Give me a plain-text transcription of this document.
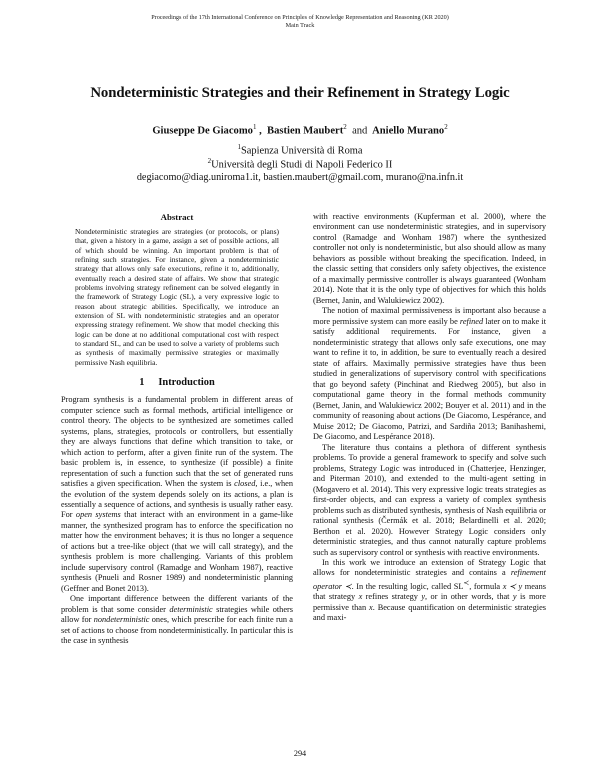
Proceedings of the 17th International Conference on Principles of Knowledge Representation and Reasoning (KR 2020)
Main Track
Nondeterministic Strategies and their Refinement in Strategy Logic
Giuseppe De Giacomo$^1$ ,  Bastien Maubert$^2$ and Aniello Murano$^2$
$^1$Sapienza Università di Roma
$^2$Università degli Studi di Napoli Federico II
degiacomo@diag.uniroma1.it, bastien.maubert@gmail.com, murano@na.infn.it
Abstract

Nondeterministic strategies are strategies (or protocols, or plans) that, given a history in a game, assign a set of possible actions, all of which should be winning. An important problem is that of refining such strategies. For instance, given a nondeterministic strategy that allows only safe executions, refine it to, additionally, eventually reach a desired state of affairs. We show that strategic problems involving strategy refinement can be solved elegantly in the framework of Strategy Logic (SL), a very expressive logic to reason about strategic abilities. Specifically, we introduce an extension of SL with nondeterministic strategies and an operator expressing strategy refinement. We show that model checking this logic can be done at no additional computational cost with respect to standard SL, and can be used to solve a variety of problems such as synthesis of maximally permissive strategies or maximally permissive Nash equilibria.

1 Introduction

Program synthesis is a fundamental problem in different areas of computer science such as formal methods, artificial intelligence or control theory. The objects to be synthesized are sometimes called systems, plans, strategies, protocols or controllers, but essentially they are always functions that define which transition to take, or which action to perform, after a given finite run of the system. The basic problem is, in essence, to synthesize (if possible) a finite representation of such a function such that the set of generated runs satisfies a given specification. When the system is closed, i.e., when the evolution of the system depends solely on its actions, a plan is essentially a sequence of actions, and synthesis is usually rather easy. For open systems that interact with an environment in a game-like manner, the synthesized program has to enforce the specification no matter how the environment behaves; it is thus no longer a sequence of actions but a tree-like object (that we will call strategy), and the synthesis problem is more challenging. Variants of this problem include supervisory control (Ramadge and Wonham 1987), reactive synthesis (Pnueli and Rosner 1989) and nondeterministic planning (Geffner and Bonet 2013).

One important difference between the different variants of the problem is that some consider deterministic strategies while others allow for nondeterministic ones, which prescribe for each finite run a set of actions to choose from nondeterministically. In particular this is the case in synthesis

with reactive environments (Kupferman et al. 2000), where the environment can use nondeterministic strategies, and in supervisory control (Ramadge and Wonham 1987) where the synthesized controller not only is nondeterministic, but also should allow as many behaviors as possible without breaking the specification. Indeed, in the classic setting that considers only safety objectives, the existence of a maximally permissive controller is always guaranteed (Wonham 2014). Note that it is the only type of objectives for which this holds (Bernet, Janin, and Walukiewicz 2002).

The notion of maximal permissiveness is important also because a more permissive system can more easily be refined later on to make it satisfy additional requirements. For instance, given a nondeterministic strategy that allows only safe executions, one may want to refine it to, in addition, be sure to eventually reach a desired state of affairs. Maximally permissive strategies have thus been studied in generalizations of supervisory control with specifications that go beyond safety (Pinchinat and Riedweg 2005), but also in computational game theory in the formal methods community (Bernet, Janin, and Walukiewicz 2002; Bouyer et al. 2011) and in the community of reasoning about actions (De Giacomo, Lespérance, and Muise 2012; De Giacomo, Patrizi, and Sardiña 2013; Banihashemi, De Giacomo, and Lespérance 2018).

The literature thus contains a plethora of different synthesis problems. To provide a general framework to specify and solve such problems, Strategy Logic was introduced in (Chatterjee, Henzinger, and Piterman 2010), and extended to the multi-agent setting in (Mogavero et al. 2014). This very expressive logic treats strategies as first-order objects, and can express a variety of complex synthesis problems such as distributed synthesis, synthesis of Nash equilibria or rational synthesis (Čermák et al. 2018; Belardinelli et al. 2020; Berthon et al. 2020). However Strategy Logic considers only deterministic strategies, and thus cannot naturally capture problems such as supervisory control or synthesis with reactive environments.

In this work we introduce an extension of Strategy Logic that allows for nondeterministic strategies and contains a refinement operator ≺. In the resulting logic, called SL≺, formula x ≺ y means that strategy x refines strategy y, or in other words, that y is more permissive than x. Because quantification on deterministic strategies and maxi-

294
